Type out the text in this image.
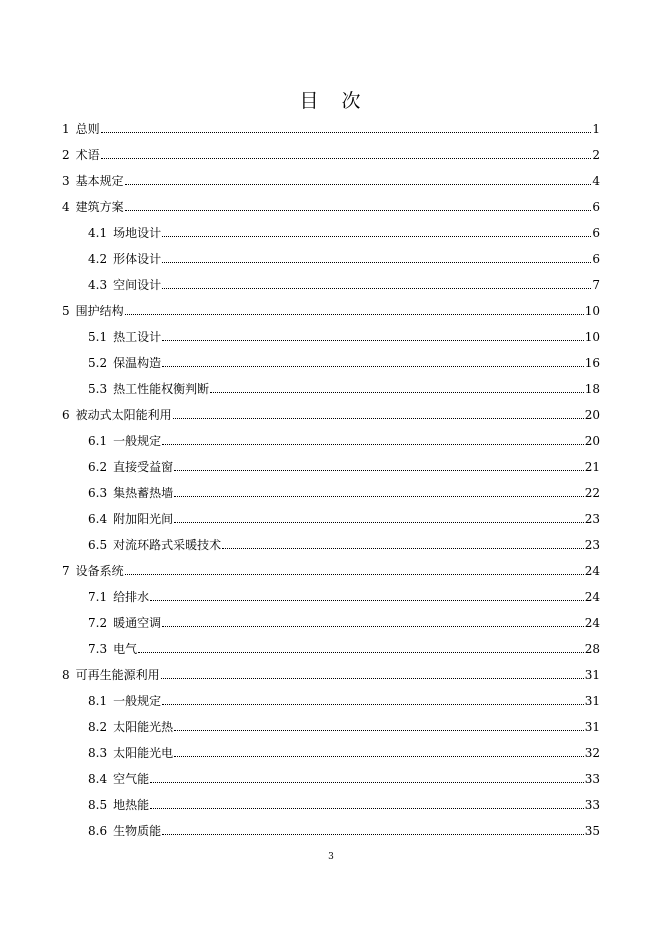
目　次
1 总则	1
2 术语	2
3 基本规定	4
4 建筑方案	6
4.1 场地设计	6
4.2 形体设计	6
4.3 空间设计	7
5 围护结构	10
5.1 热工设计	10
5.2 保温构造	16
5.3 热工性能权衡判断	18
6 被动式太阳能利用	20
6.1 一般规定	20
6.2 直接受益窗	21
6.3 集热蓄热墙	22
6.4 附加阳光间	23
6.5 对流环路式采暖技术	23
7 设备系统	24
7.1 给排水	24
7.2 暖通空调	24
7.3 电气	28
8 可再生能源利用	31
8.1 一般规定	31
8.2 太阳能光热	31
8.3 太阳能光电	32
8.4 空气能	33
8.5 地热能	33
8.6 生物质能	35
3
